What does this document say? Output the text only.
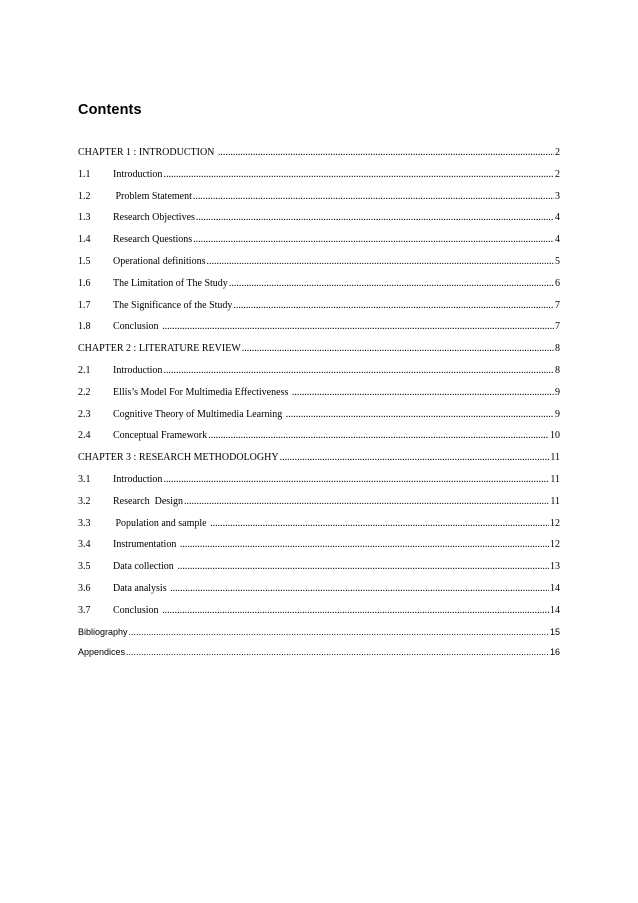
Contents
CHAPTER 1 : INTRODUCTION .....	2
1.1	Introduction .....	2
1.2	Problem Statement .....	3
1.3	Research Objectives .....	4
1.4	Research Questions .....	4
1.5	Operational definitions .....	5
1.6	The Limitation of The Study .....	6
1.7	The Significance of the Study .....	7
1.8	Conclusion .....	7
CHAPTER 2 : LITERATURE REVIEW .....	8
2.1	Introduction .....	8
2.2	Ellis’s Model For Multimedia Effectiveness .....	9
2.3	Cognitive Theory of Multimedia Learning .....	9
2.4	Conceptual Framework .....	10
CHAPTER 3 : RESEARCH METHODOLOGHY .....	11
3.1	Introduction .....	11
3.2	Research  Design .....	11
3.3	Population and sample .....	12
3.4	Instrumentation .....	12
3.5	Data collection .....	13
3.6	Data analysis .....	14
3.7	Conclusion .....	14
Bibliography .....	15
Appendices .....	16
